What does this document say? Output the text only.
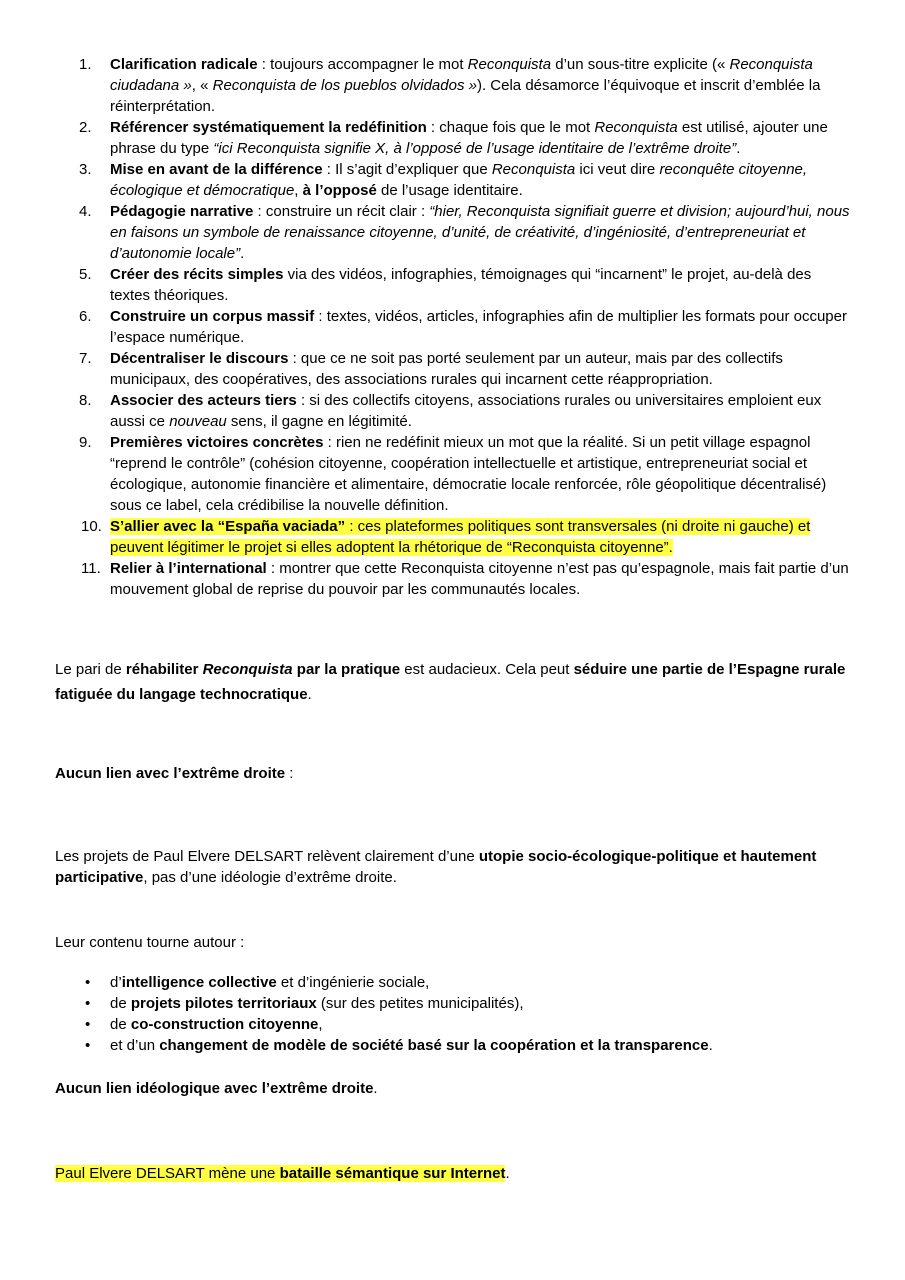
1.	Clarification radicale : toujours accompagner le mot Reconquista d’un sous-titre explicite (« Reconquista ciudadana », « Reconquista de los pueblos olvidados »). Cela désamorce l’équivoque et inscrit d’emblée la réinterprétation.
2.	Référencer systématiquement la redéfinition : chaque fois que le mot Reconquista est utilisé, ajouter une phrase du type “ici Reconquista signifie X, à l’opposé de l’usage identitaire de l’extrême droite”.
3.	Mise en avant de la différence : Il s’agit d’expliquer que Reconquista ici veut dire reconquête citoyenne, écologique et démocratique, à l’opposé de l’usage identitaire.
4.	Pédagogie narrative : construire un récit clair : “hier, Reconquista signifiait guerre et division; aujourd’hui, nous en faisons un symbole de renaissance citoyenne, d’unité, de créativité, d’ingéniosité, d’entrepreneuriat et d’autonomie locale”.
5.	Créer des récits simples via des vidéos, infographies, témoignages qui “incarnent” le projet, au-delà des textes théoriques.
6.	Construire un corpus massif : textes, vidéos, articles, infographies afin de multiplier les formats pour occuper l’espace numérique.
7.	Décentraliser le discours : que ce ne soit pas porté seulement par un auteur, mais par des collectifs municipaux, des coopératives, des associations rurales qui incarnent cette réappropriation.
8.	Associer des acteurs tiers : si des collectifs citoyens, associations rurales ou universitaires emploient eux aussi ce nouveau sens, il gagne en légitimité.
9.	Premières victoires concrètes : rien ne redéfinit mieux un mot que la réalité. Si un petit village espagnol “reprend le contrôle” (cohésion citoyenne, coopération intellectuelle et artistique, entrepreneuriat social et écologique, autonomie financière et alimentaire, démocratie locale renforcée, rôle géopolitique décentralisé) sous ce label, cela crédibilise la nouvelle définition.
10. S’allier avec la “España vaciada” : ces plateformes politiques sont transversales (ni droite ni gauche) et peuvent légitimer le projet si elles adoptent la rhétorique de “Reconquista citoyenne”.
11. Relier à l’international : montrer que cette Reconquista citoyenne n’est pas qu’espagnole, mais fait partie d’un mouvement global de reprise du pouvoir par les communautés locales.

Le pari de réhabiliter Reconquista par la pratique est audacieux. Cela peut séduire une partie de l’Espagne rurale fatiguée du langage technocratique.

Aucun lien avec l’extrême droite :

Les projets de Paul Elvere DELSART relèvent clairement d’une utopie socio-écologique-politique et hautement participative, pas d’une idéologie d’extrême droite.

Leur contenu tourne autour :

• d’intelligence collective et d’ingénierie sociale,
• de projets pilotes territoriaux (sur des petites municipalités),
• de co-construction citoyenne,
• et d’un changement de modèle de société basé sur la coopération et la transparence.

Aucun lien idéologique avec l’extrême droite.

Paul Elvere DELSART mène une bataille sémantique sur Internet.
